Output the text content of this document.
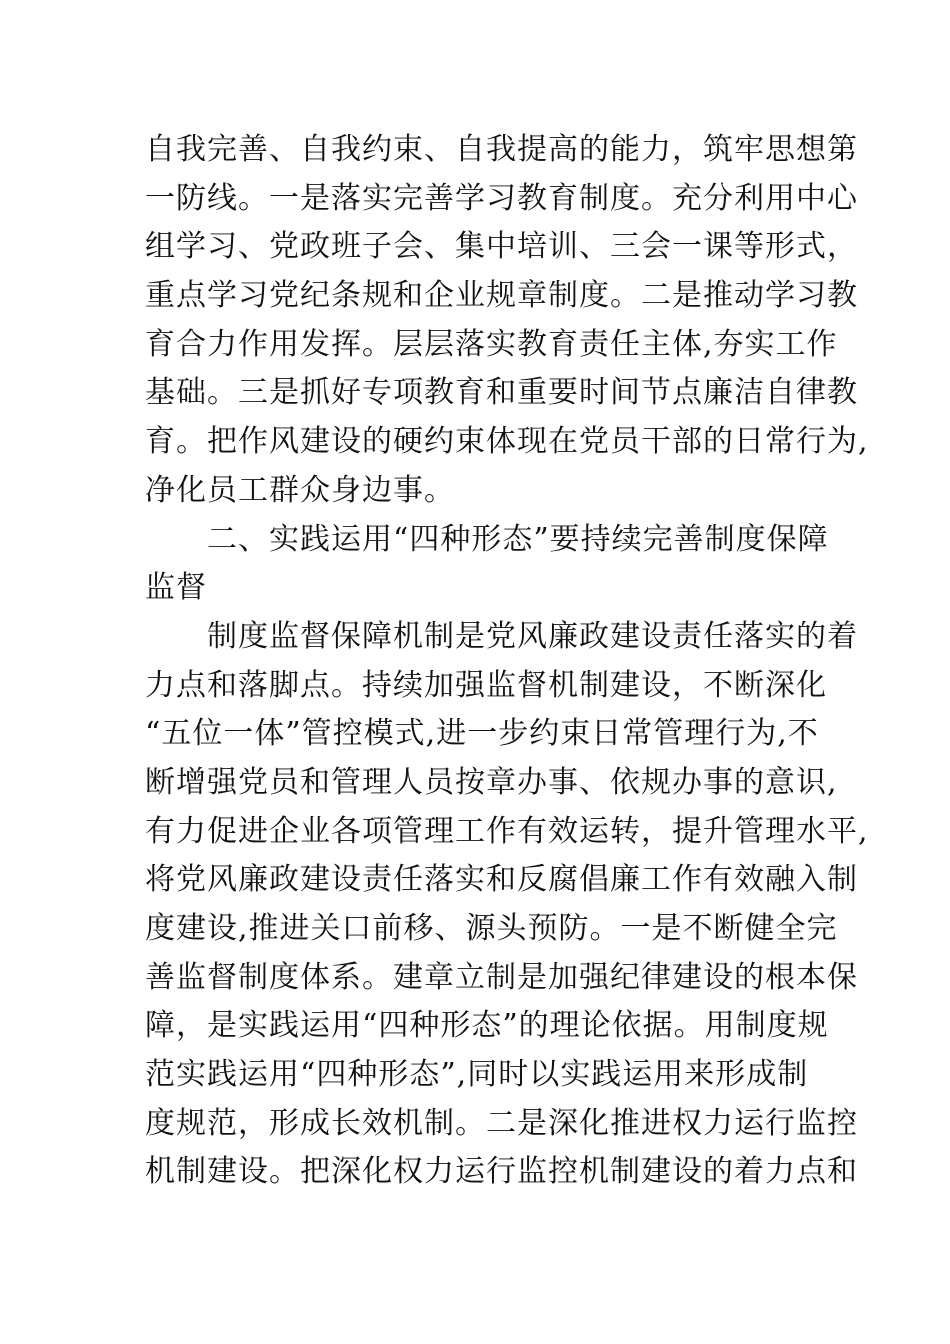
自我完善、自我约束、自我提高的能力，筑牢思想第
一防线。一是落实完善学习教育制度。充分利用中心
组学习、党政班子会、集中培训、三会一课等形式，
重点学习党纪条规和企业规章制度。二是推动学习教
育合力作用发挥。层层落实教育责任主体,夯实工作
基础。三是抓好专项教育和重要时间节点廉洁自律教
育。把作风建设的硬约束体现在党员干部的日常行为,
净化员工群众身边事。
　　二、实践运用“四种形态”要持续完善制度保障
监督
　　制度监督保障机制是党风廉政建设责任落实的着
力点和落脚点。持续加强监督机制建设，不断深化
“五位一体”管控模式,进一步约束日常管理行为,不
断增强党员和管理人员按章办事、依规办事的意识,
有力促进企业各项管理工作有效运转，提升管理水平,
将党风廉政建设责任落实和反腐倡廉工作有效融入制
度建设,推进关口前移、源头预防。一是不断健全完
善监督制度体系。建章立制是加强纪律建设的根本保
障，是实践运用“四种形态”的理论依据。用制度规
范实践运用“四种形态”,同时以实践运用来形成制
度规范，形成长效机制。二是深化推进权力运行监控
机制建设。把深化权力运行监控机制建设的着力点和
